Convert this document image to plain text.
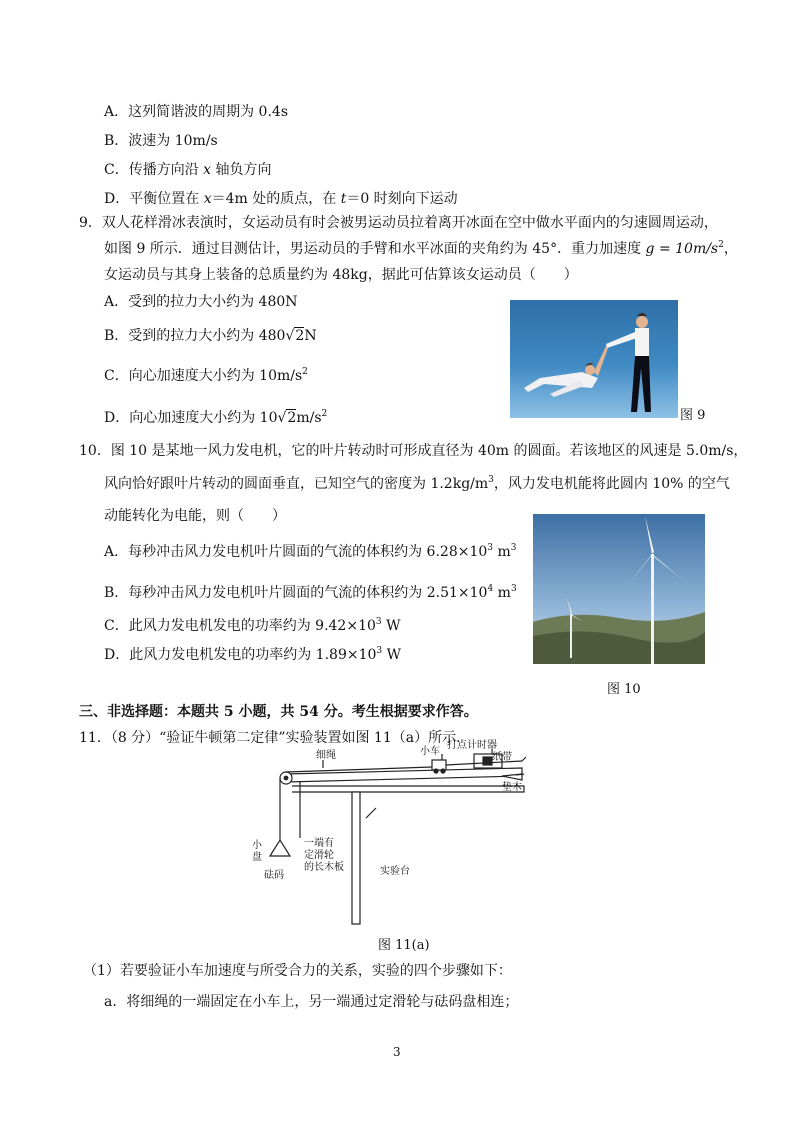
A．这列简谐波的周期为 0.4s
B．波速为 10m/s
C．传播方向沿 x 轴负方向
D．平衡位置在 x＝4m 处的质点，在 t＝0 时刻向下运动
9．双人花样滑冰表演时，女运动员有时会被男运动员拉着离开冰面在空中做水平面内的匀速圆周运动，
如图 9 所示．通过目测估计，男运动员的手臂和水平冰面的夹角约为 45°．重力加速度 $g = 10m/s^2$，
女运动员与其身上装备的总质量约为 48kg，据此可估算该女运动员（　　）
A．受到的拉力大小约为 480N
B．受到的拉力大小约为 480√2N
C．向心加速度大小约为 $10m/s^2$
D．向心加速度大小约为 $10√2m/s^2$	图 9
10．图 10 是某地一风力发电机，它的叶片转动时可形成直径为 40m 的圆面。若该地区的风速是 5.0m/s，
风向恰好跟叶片转动的圆面垂直，已知空气的密度为 $1.2kg/m^3$，风力发电机能将此圆内 10% 的空气
动能转化为电能，则（　　）
A．每秒冲击风力发电机叶片圆面的气流的体积约为 $6.28\times 10^3$ $m^3$
B．每秒冲击风力发电机叶片圆面的气流的体积约为 $2.51\times 10^4$ $m^3$
C．此风力发电机发电的功率约为 $9.42\times 10^3$ W
D．此风力发电机发电的功率约为 $1.89\times 10^3$ W
图 10
三、非选择题：本题共 5 小题，共 54 分。考生根据要求作答。
11．（8 分）“验证牛顿第二定律”实验装置如图 11（a）所示.
细绳	小车
打点计时器
纸带
垫木
小
盘
砝码
一端有
定滑轮
的长木板	实验台
图 11(a)
（1）若要验证小车加速度与所受合力的关系，实验的四个步骤如下：
a．将细绳的一端固定在小车上，另一端通过定滑轮与砝码盘相连；
3
